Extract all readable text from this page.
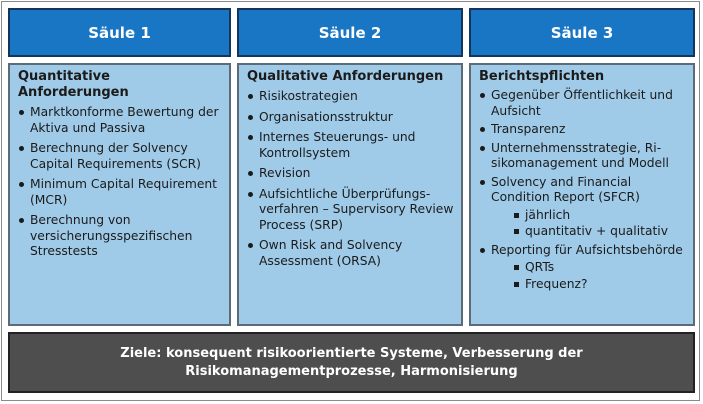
Säule 1	Säule 2	Säule 3
Quantitative Anforderungen
Marktkonforme Bewertung der Aktiva und Passiva
Berechnung der Solvency Capital Requirements (SCR)
Minimum Capital Requirement (MCR)
Berechnung von versicherungsspezifischen Stresstests
Qualitative Anforderungen
Risikostrategien
Organisationsstruktur
Internes Steuerungs- und Kontrollsystem
Revision
Aufsichtliche Überprüfungsverfahren – Supervisory Review Process (SRP)
Own Risk and Solvency Assessment (ORSA)
Berichtspflichten
Gegenüber Öffentlichkeit und Aufsicht
Transparenz
Unternehmensstrategie, Risikomanagement und Modell
Solvency and Financial Condition Report (SFCR)
jährlich
quantitativ + qualitativ
Reporting für Aufsichtsbehörde
QRTs
Frequenz?
Ziele: konsequent risikoorientierte Systeme, Verbesserung der Risikomanagementprozesse, Harmonisierung
